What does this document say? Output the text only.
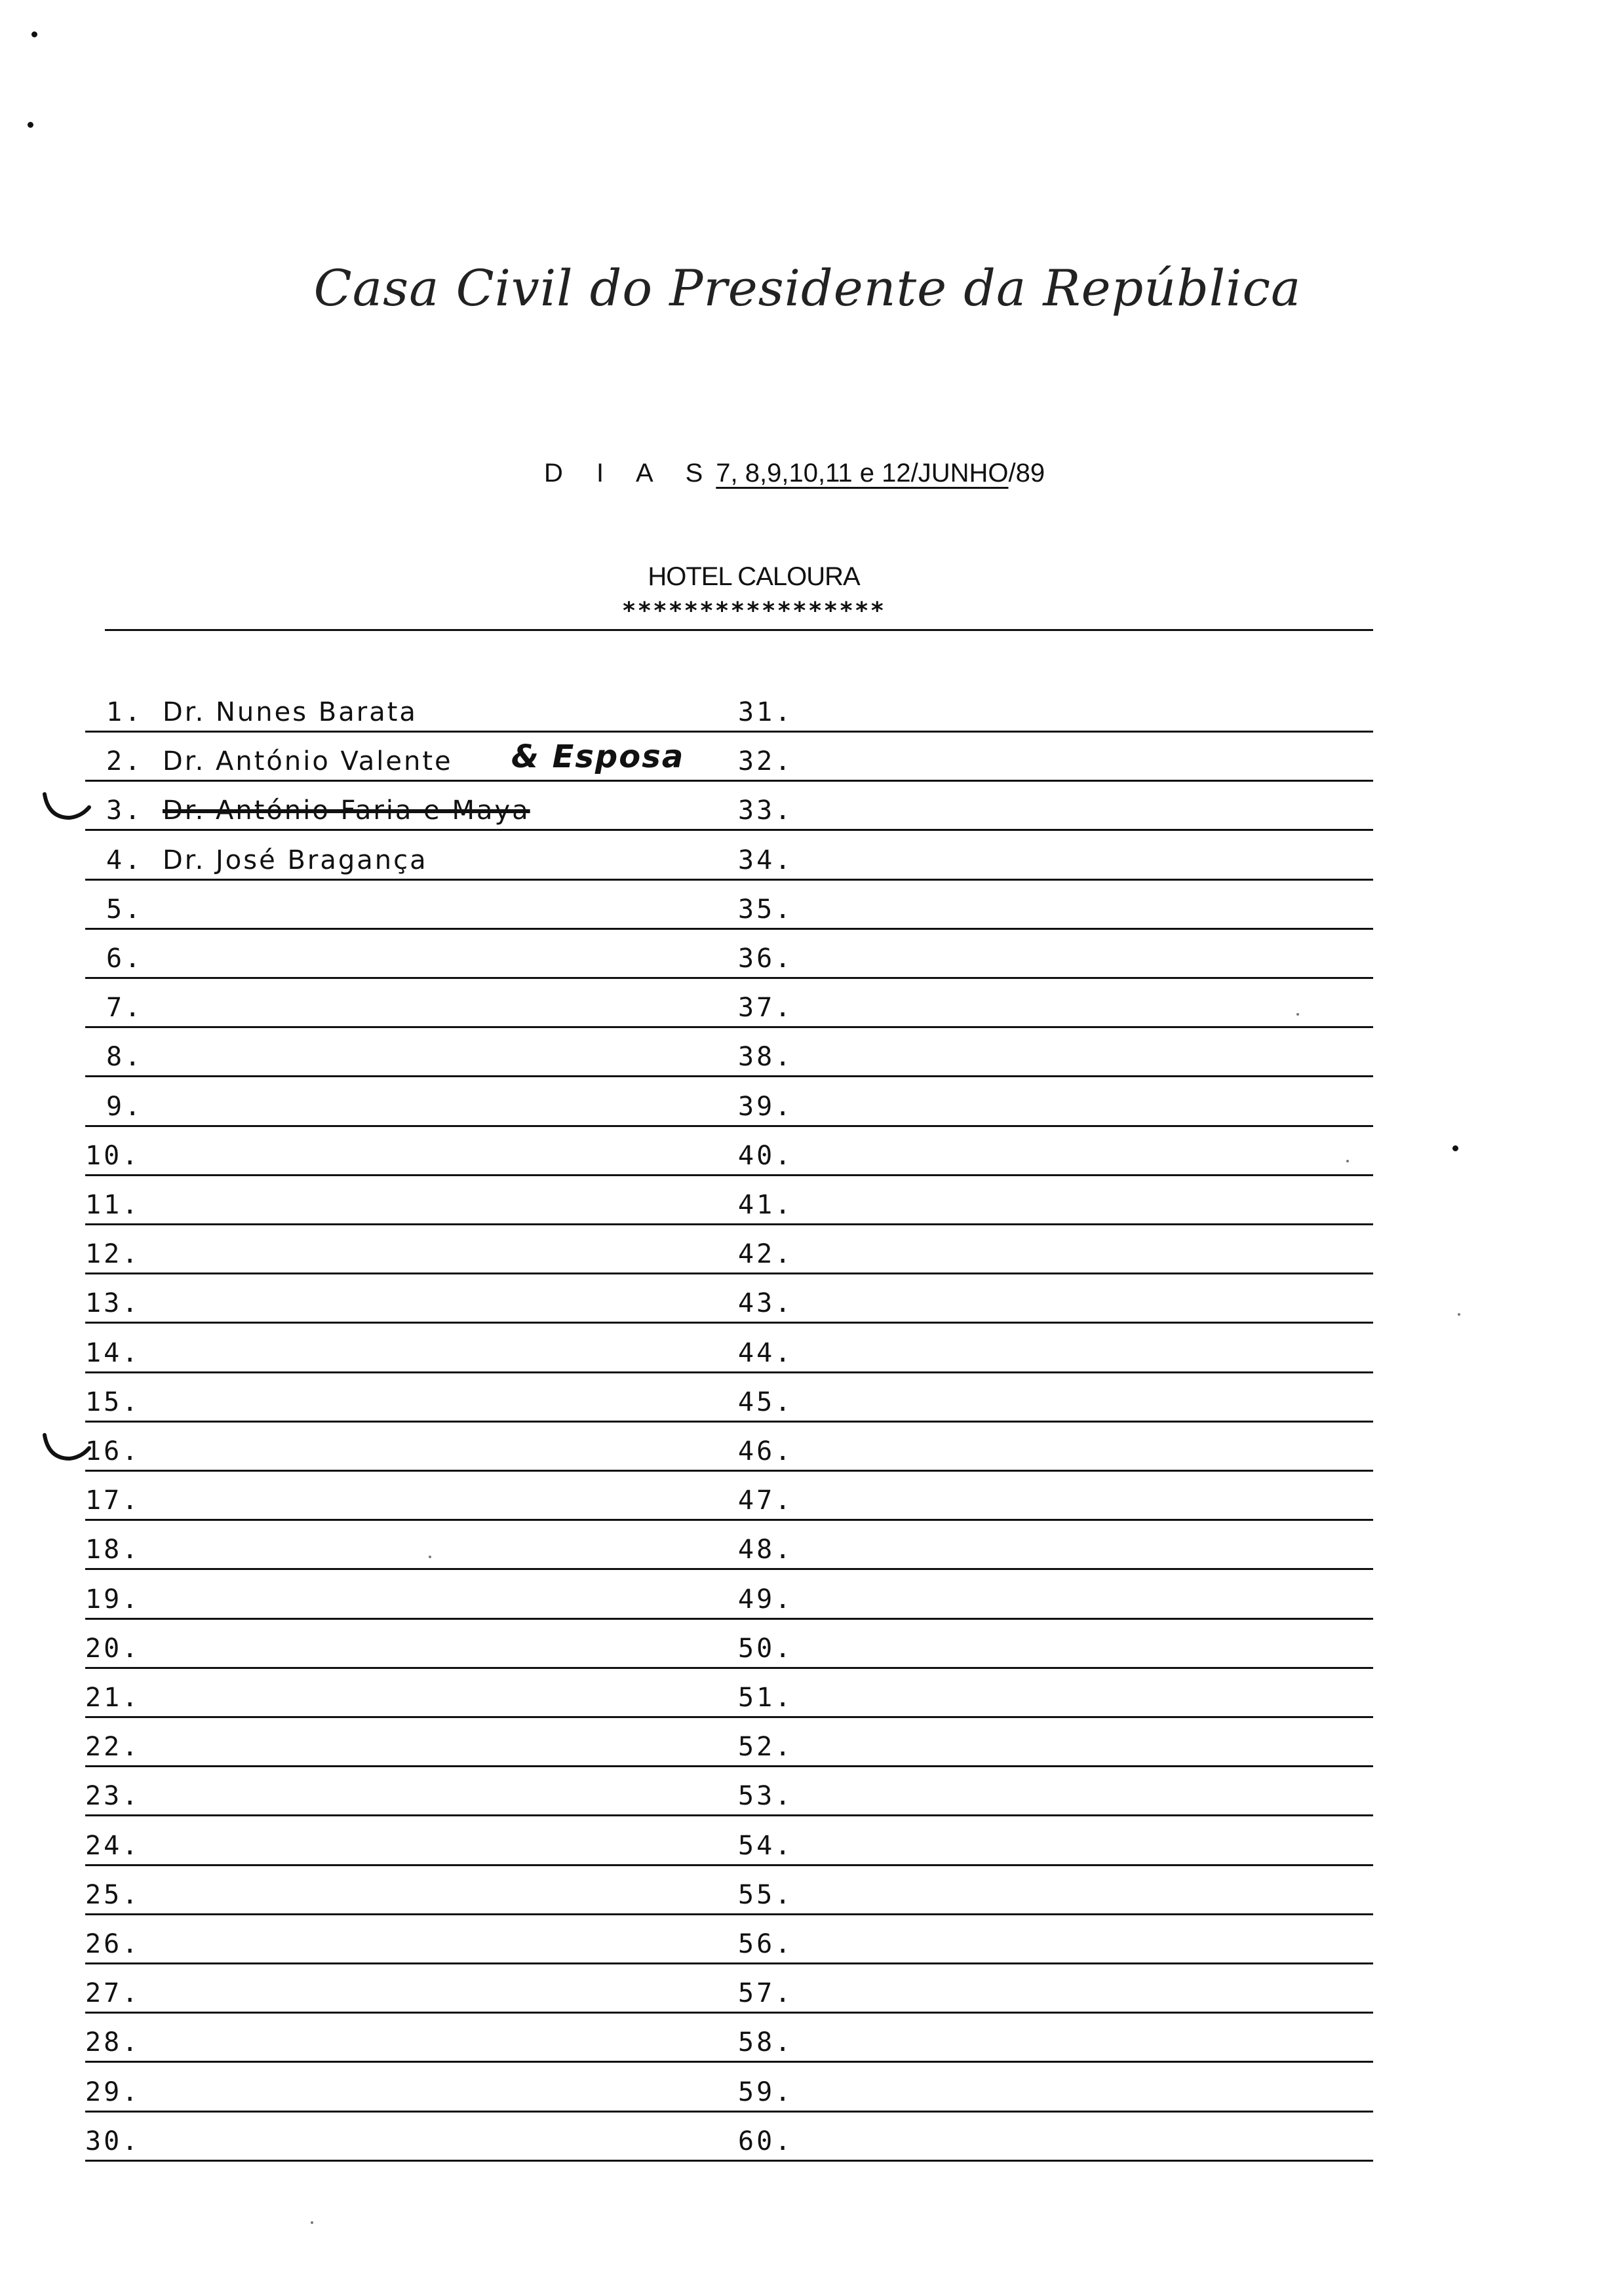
Casa Civil do Presidente da República
D I A S7, 8,9,10,11 e 12/JUNHO/89
HOTEL CALOURA
*****************
1. Dr. Nunes Barata
2. Dr. António Valente & Esposa
3. Dr. António Faria e Maya
4. Dr. José Bragança
5.
6.
7.
8.
9.
10.
11.
12.
13.
14.
15.
16.
17.
18.
19.
20.
21.
22.
23.
24.
25.
26.
27.
28.
29.
30.
31.
32.
33.
34.
35.
36.
37.
38.
39.
40.
41.
42.
43.
44.
45.
46.
47.
48.
49.
50.
51.
52.
53.
54.
55.
56.
57.
58.
59.
60.
